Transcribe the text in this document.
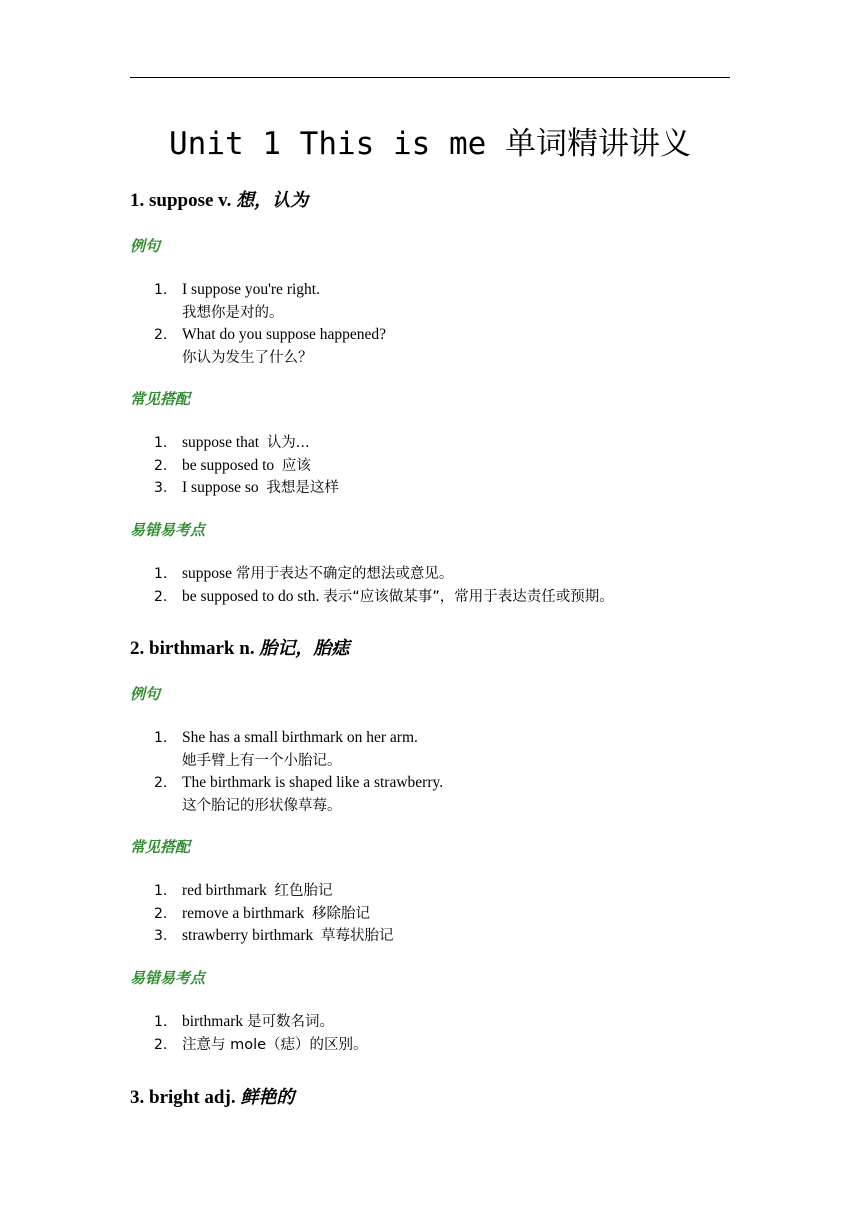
Unit 1 This is me 单词精讲讲义
1. suppose v. 想，认为
例句
1. I suppose you're right.
我想你是对的。
2. What do you suppose happened?
你认为发生了什么？
常见搭配
1. suppose that 认为...
2. be supposed to 应该
3. I suppose so 我想是这样
易错易考点
1. suppose 常用于表达不确定的想法或意见。
2. be supposed to do sth. 表示“应该做某事”，常用于表达责任或预期。
2. birthmark n. 胎记，胎痣
例句
1. She has a small birthmark on her arm.
她手臂上有一个小胎记。
2. The birthmark is shaped like a strawberry.
这个胎记的形状像草莓。
常见搭配
1. red birthmark 红色胎记
2. remove a birthmark 移除胎记
3. strawberry birthmark 草莓状胎记
易错易考点
1. birthmark 是可数名词。
2.	注意与 mole（痣）的区别。
3. bright adj. 鲜艳的
